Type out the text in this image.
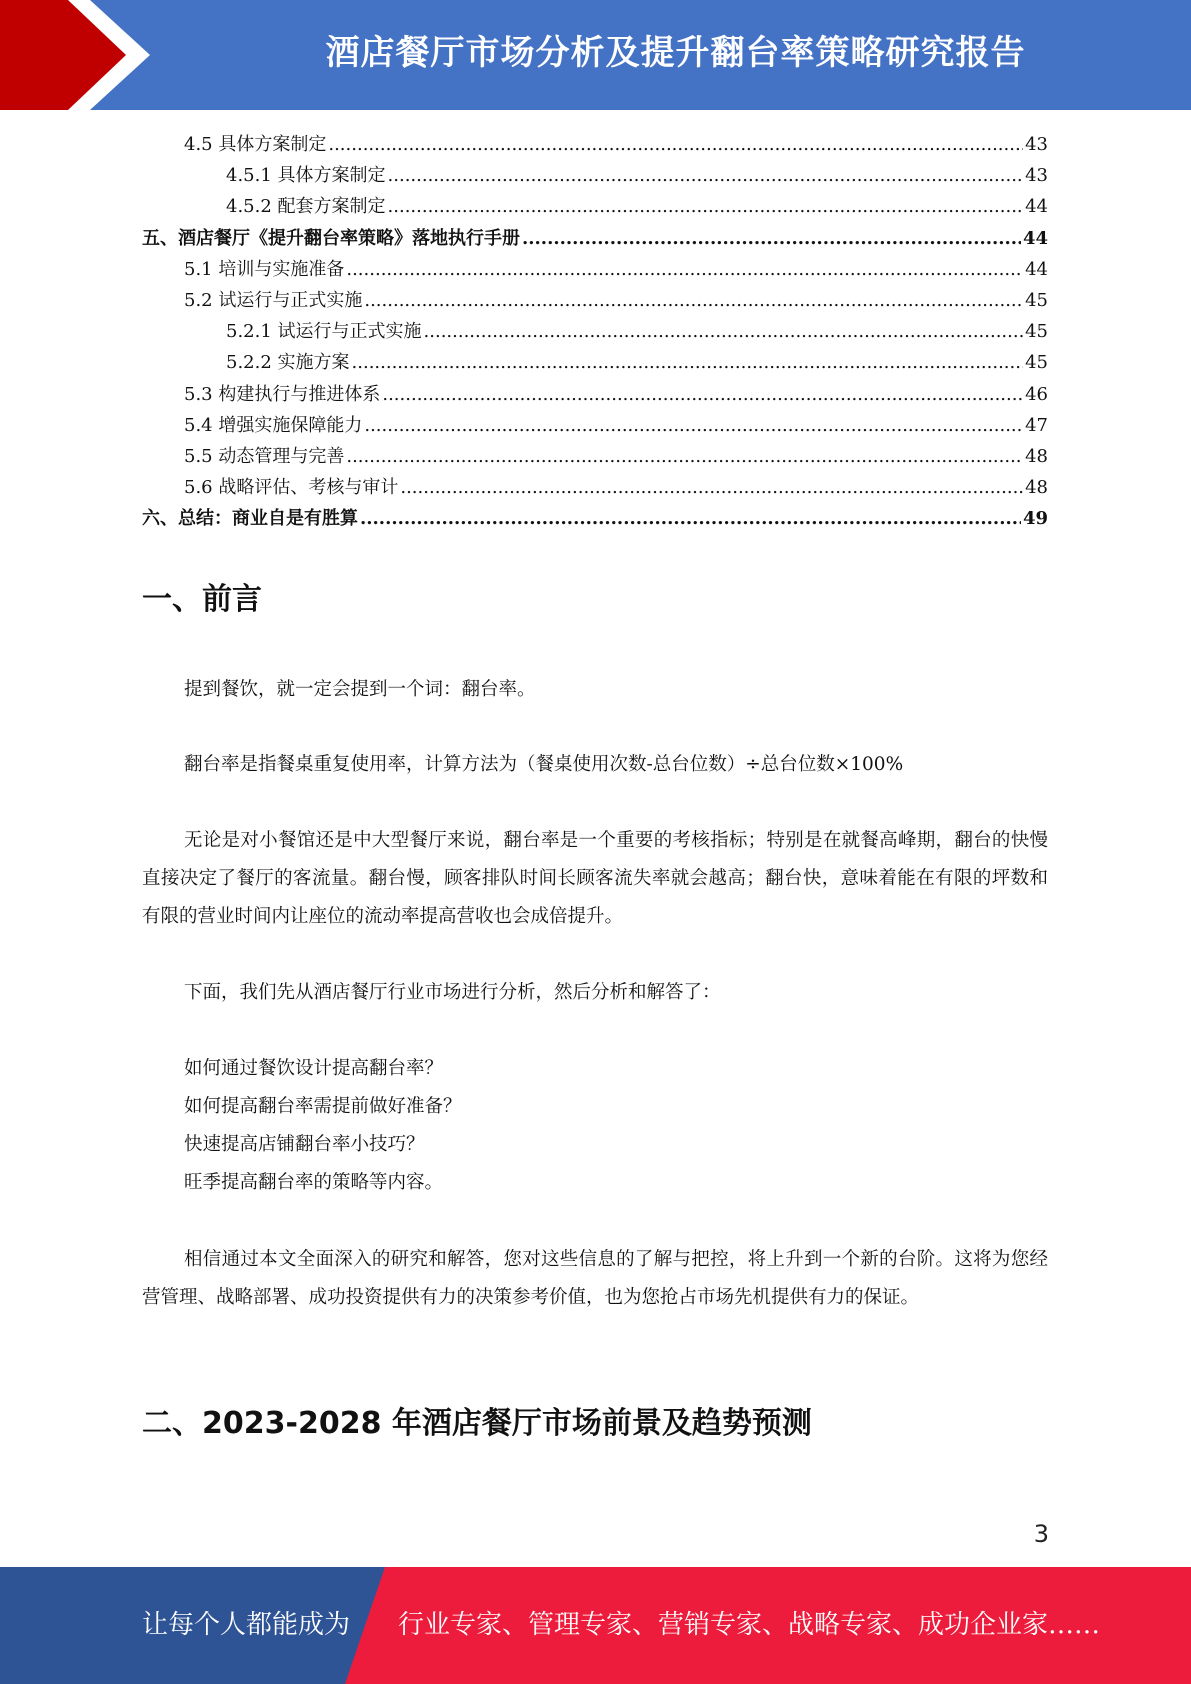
酒店餐厅市场分析及提升翻台率策略研究报告
4.5 具体方案制定 .....	43
4.5.1 具体方案制定 .....	43
4.5.2 配套方案制定 .....	44
五、酒店餐厅《提升翻台率策略》落地执行手册 .....	44
5.1 培训与实施准备 .....	44
5.2 试运行与正式实施 .....	45
5.2.1 试运行与正式实施 .....	45
5.2.2 实施方案 .....	45
5.3 构建执行与推进体系 .....	46
5.4 增强实施保障能力 .....	47
5.5 动态管理与完善 .....	48
5.6 战略评估、考核与审计 .....	48
六、总结：商业自是有胜算 .....	49
一、前言

提到餐饮，就一定会提到一个词：翻台率。

翻台率是指餐桌重复使用率，计算方法为（餐桌使用次数-总台位数）÷总台位数×100%

无论是对小餐馆还是中大型餐厅来说，翻台率是一个重要的考核指标；特别是在就餐高峰期，翻台的快慢直接决定了餐厅的客流量。翻台慢，顾客排队时间长顾客流失率就会越高；翻台快，意味着能在有限的坪数和有限的营业时间内让座位的流动率提高营收也会成倍提升。

下面，我们先从酒店餐厅行业市场进行分析，然后分析和解答了：

如何通过餐饮设计提高翻台率？
如何提高翻台率需提前做好准备？
快速提高店铺翻台率小技巧？
旺季提高翻台率的策略等内容。

相信通过本文全面深入的研究和解答，您对这些信息的了解与把控，将上升到一个新的台阶。这将为您经营管理、战略部署、成功投资提供有力的决策参考价值，也为您抢占市场先机提供有力的保证。

二、2023-2028 年酒店餐厅市场前景及趋势预测
3
让每个人都能成为 行业专家、管理专家、营销专家、战略专家、成功企业家……
